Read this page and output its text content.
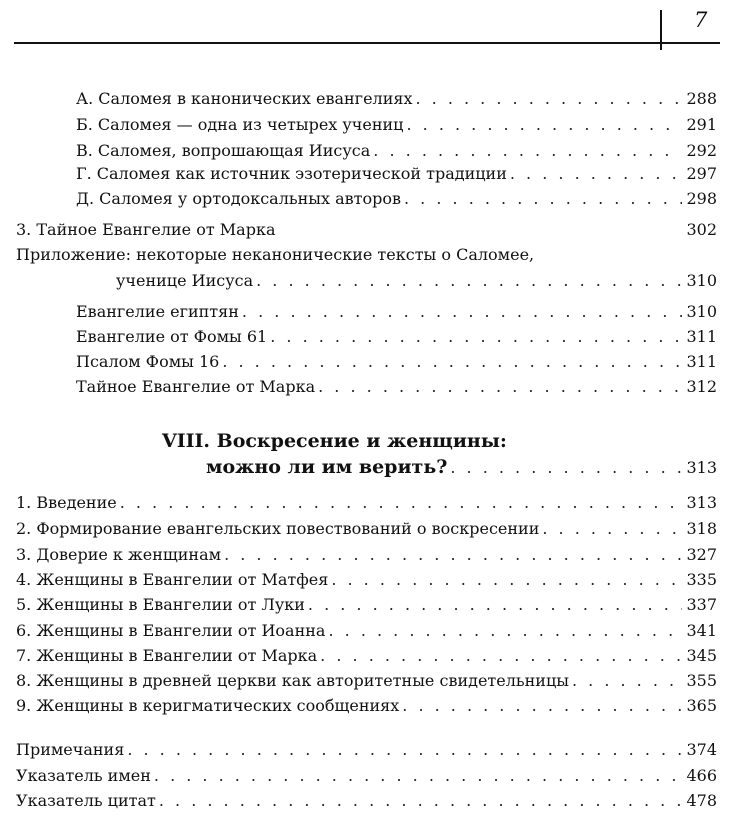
7
А. Саломея в канонических евангелиях . . .	288
Б. Саломея — одна из четырех учениц . . .	291
В. Саломея, вопрошающая Иисуса . . .	292
Г. Саломея как источник эзотерической традиции . . .	297
Д. Саломея у ортодоксальных авторов . . .	298
3. Тайное Евангелие от Марка	302
Приложение: некоторые неканонические тексты о Саломее,
ученице Иисуса . . .	310
Евангелие египтян . . .	310
Евангелие от Фомы 61 . . .	311
Псалом Фомы 16 . . .	311
Тайное Евангелие от Марка . . .	312
VIII. Воскресение и женщины:
можно ли им верить? . . .	313
1. Введение . . .	313
2. Формирование евангельских повествований о воскресении . . .	318
3. Доверие к женщинам . . .	327
4. Женщины в Евангелии от Матфея . . .	335
5. Женщины в Евангелии от Луки . . .	337
6. Женщины в Евангелии от Иоанна . . .	341
7. Женщины в Евангелии от Марка . . .	345
8. Женщины в древней церкви как авторитетные свидетельницы . . .	355
9. Женщины в керигматических сообщениях . . .	365
Примечания . . .	374
Указатель имен . . .	466
Указатель цитат . . .	478
